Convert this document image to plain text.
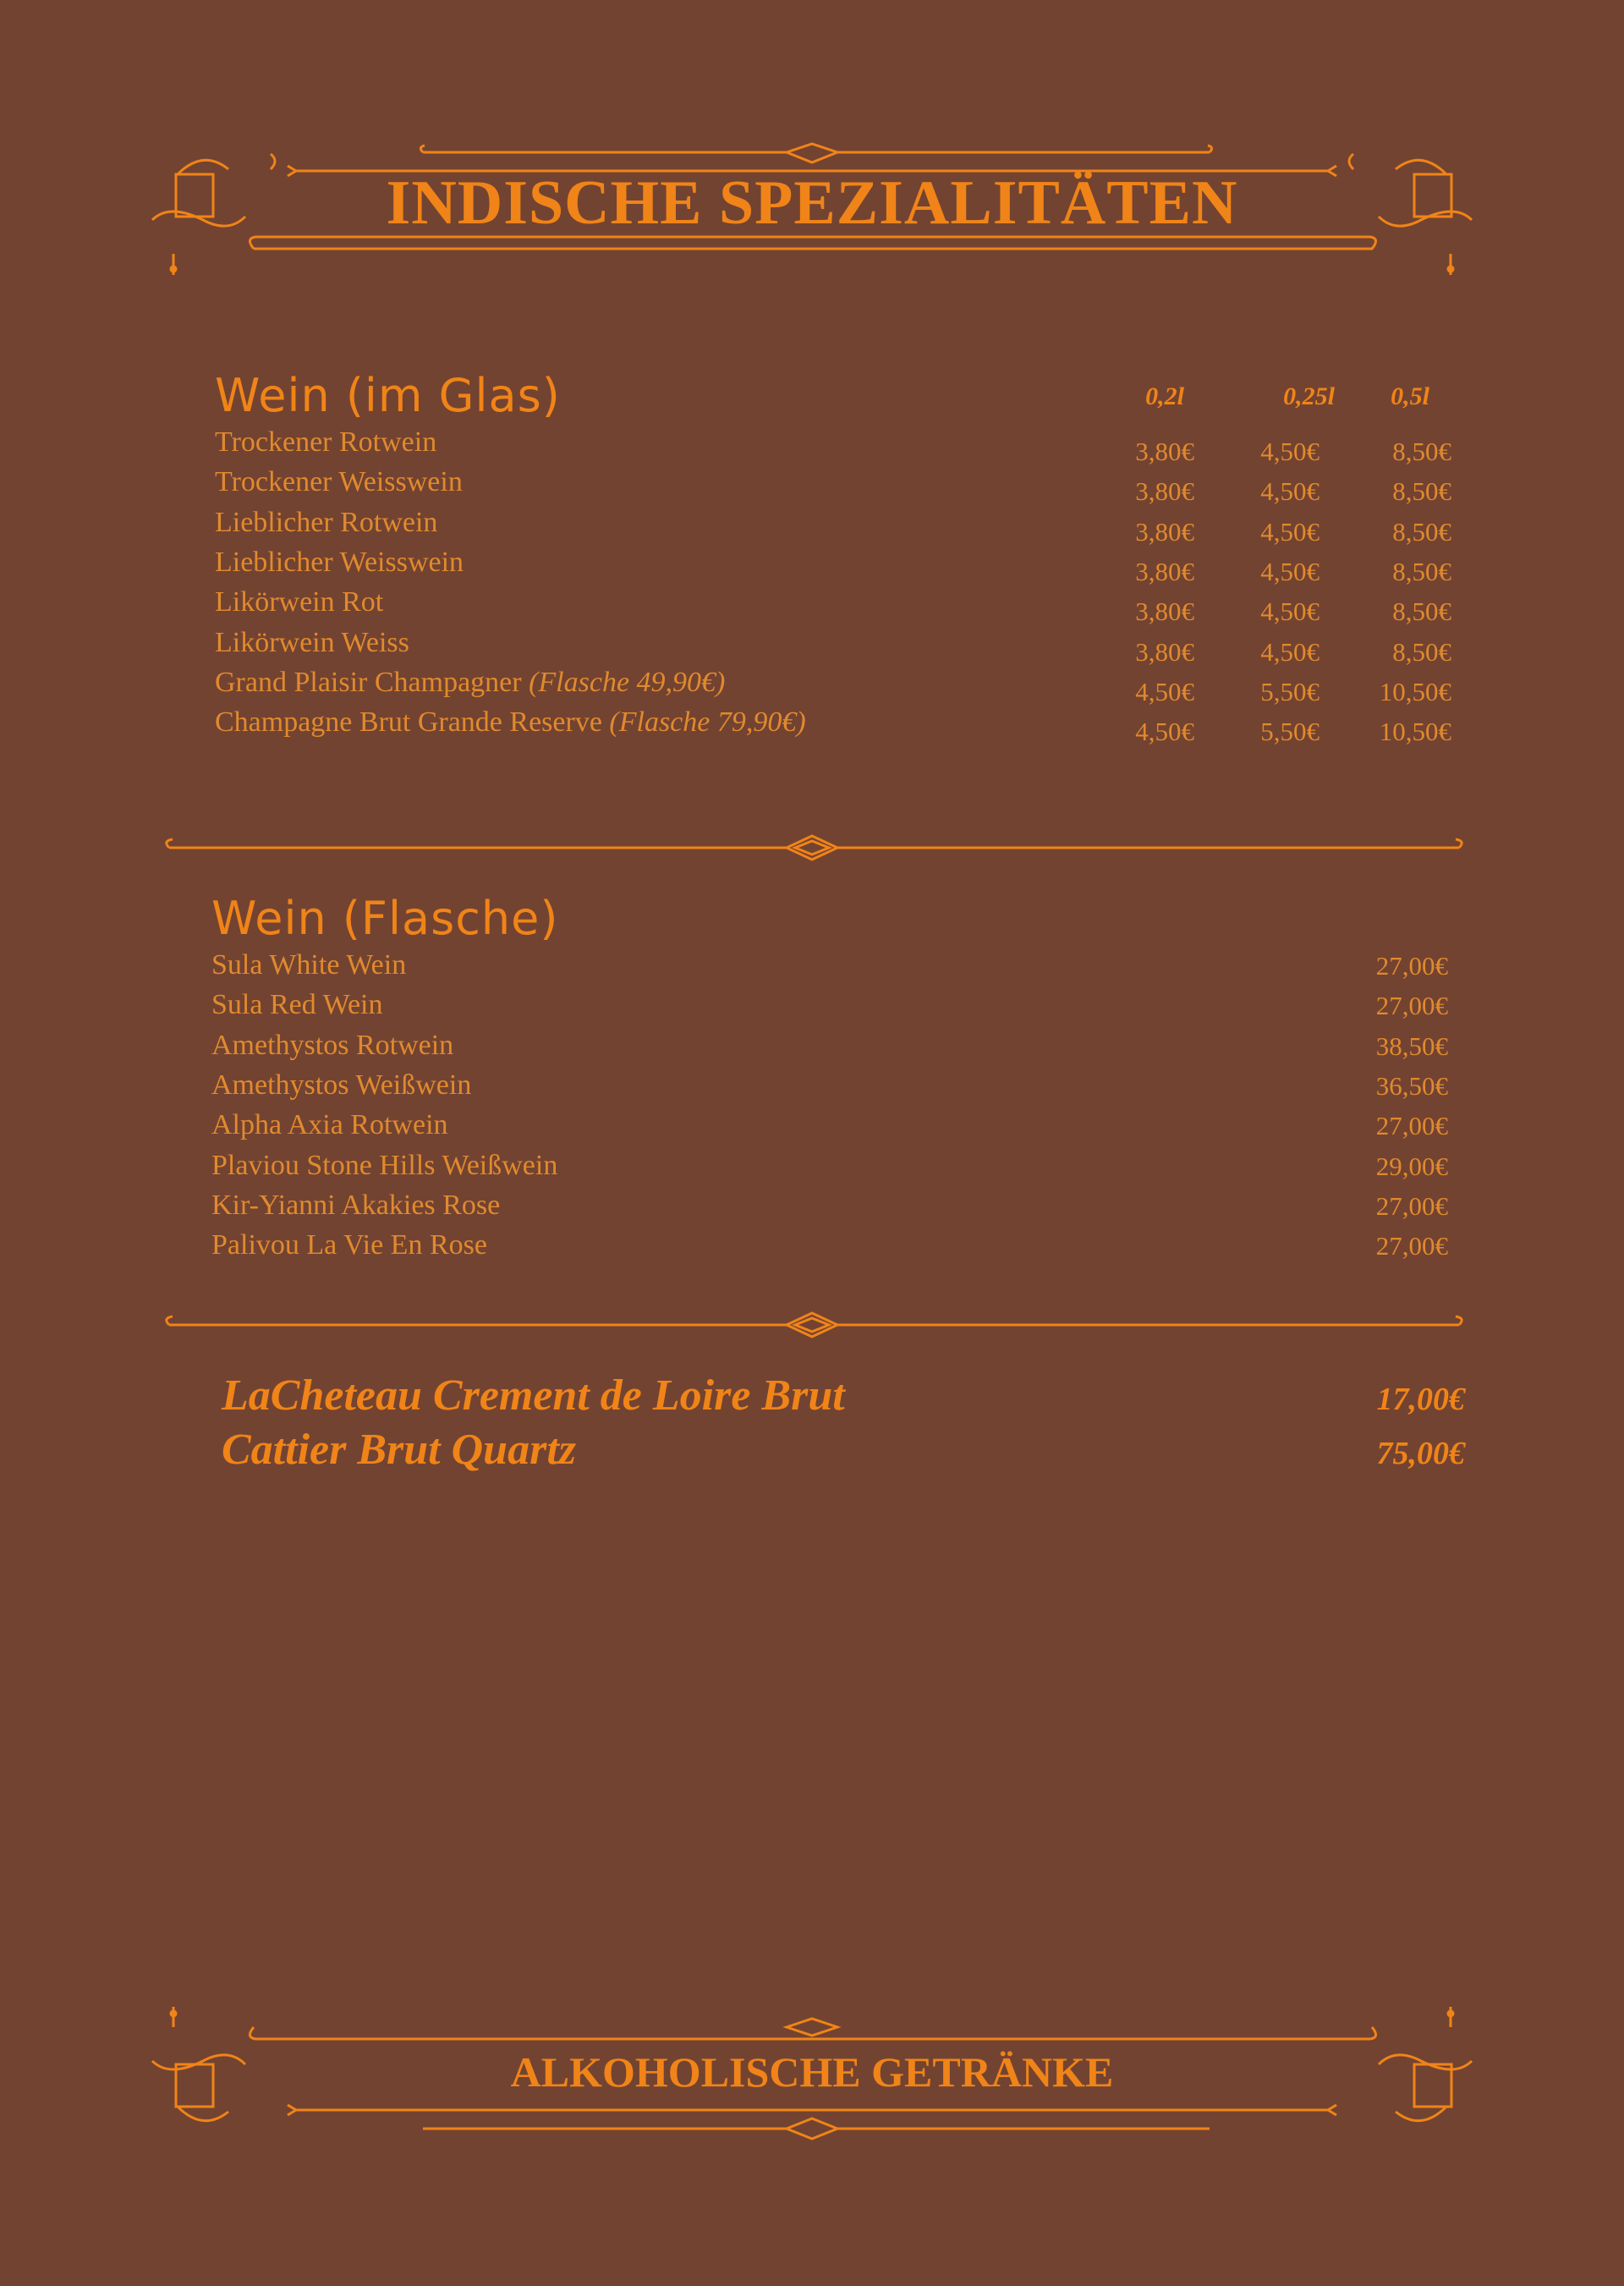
INDISCHE SPEZIALITÄTEN
Wein (im Glas)	0,2l	0,25l	0,5l
Trockener Rotwein	3,80€	4,50€	8,50€
Trockener Weisswein	3,80€	4,50€	8,50€
Lieblicher Rotwein	3,80€	4,50€	8,50€
Lieblicher Weisswein	3,80€	4,50€	8,50€
Likörwein Rot	3,80€	4,50€	8,50€
Likörwein Weiss	3,80€	4,50€	8,50€
Grand Plaisir Champagner (Flasche 49,90€)	4,50€	5,50€	10,50€
Champagne Brut Grande Reserve (Flasche 79,90€)	4,50€	5,50€	10,50€
Wein (Flasche)
Sula White Wein	27,00€
Sula Red Wein	27,00€
Amethystos Rotwein	38,50€
Amethystos Weißwein	36,50€
Alpha Axia Rotwein	27,00€
Plaviou Stone Hills Weißwein	29,00€
Kir-Yianni Akakies Rose	27,00€
Palivou La Vie En Rose	27,00€
LaCheteau Crement de Loire Brut	17,00€
Cattier Brut Quartz	75,00€
ALKOHOLISCHE GETRÄNKE
